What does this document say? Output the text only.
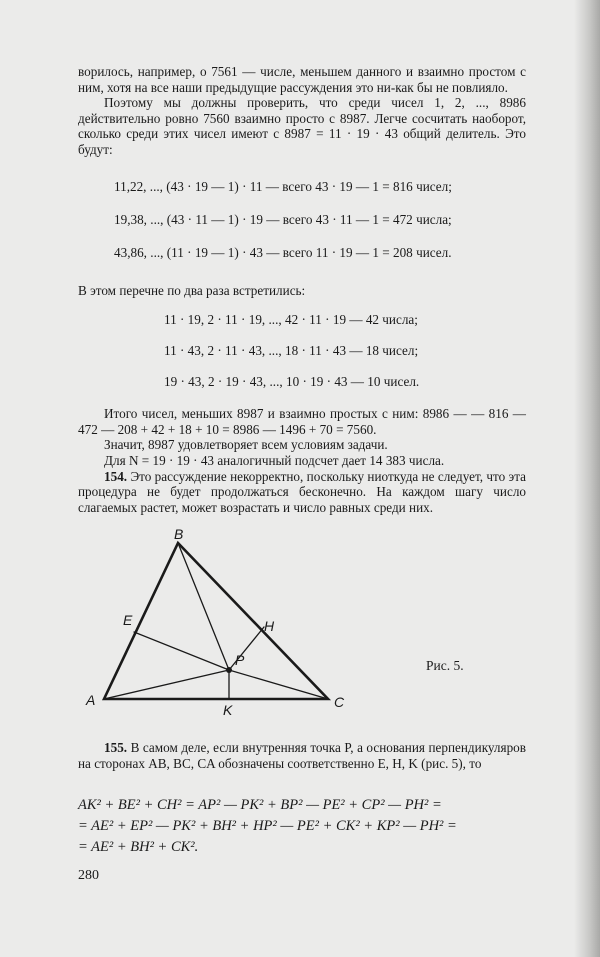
ворилось, например, о 7561 — числе, меньшем данного и взаимно простом с ним, хотя на все наши предыдущие рассуждения это ни-как бы не повлияло.

Поэтому мы должны проверить, что среди чисел 1, 2, ..., 8986 действительно ровно 7560 взаимно просто с 8987. Легче сосчитать наоборот, сколько среди этих чисел имеют с 8987 = 11 · 19 · 43 общий делитель. Это будут:

11,22, ..., (43 · 19 — 1) · 11 — всего 43 · 19 — 1 = 816 чисел;
19,38, ..., (43 · 11 — 1) · 19 — всего 43 · 11 — 1 = 472 числа;
43,86, ..., (11 · 19 — 1) · 43 — всего 11 · 19 — 1 = 208 чисел.

В этом перечне по два раза встретились:

11 · 19, 2 · 11 · 19, ..., 42 · 11 · 19 — 42 числа;
11 · 43, 2 · 11 · 43, ..., 18 · 11 · 43 — 18 чисел;
19 · 43, 2 · 19 · 43, ..., 10 · 19 · 43 — 10 чисел.

Итого чисел, меньших 8987 и взаимно простых с ним: 8986 — — 816 — 472 — 208 + 42 + 18 + 10 = 8986 — 1496 + 70 = 7560.

Значит, 8987 удовлетворяет всем условиям задачи.

Для N = 19 · 19 · 43 аналогичный подсчет дает 14 383 числа.

154. Это рассуждение некорректно, поскольку ниоткуда не следует, что эта процедура не будет продолжаться бесконечно. На каждом шагу число слагаемых растет, может возрастать и число равных среди них.

A
B
C
E	H
K
P	Рис. 5.

155. В самом деле, если внутренняя точка P, а основания перпендикуляров на сторонах AB, BC, CA обозначены соответственно E, H, K (рис. 5), то

AK² + BE² + CH² = AP² — PK² + BP² — PE² + CP² — PH² =
= AE² + EP² — PK² + BH² + HP² — PE² + CK² + KP² — PH² =
= AE² + BH² + CK².
280
